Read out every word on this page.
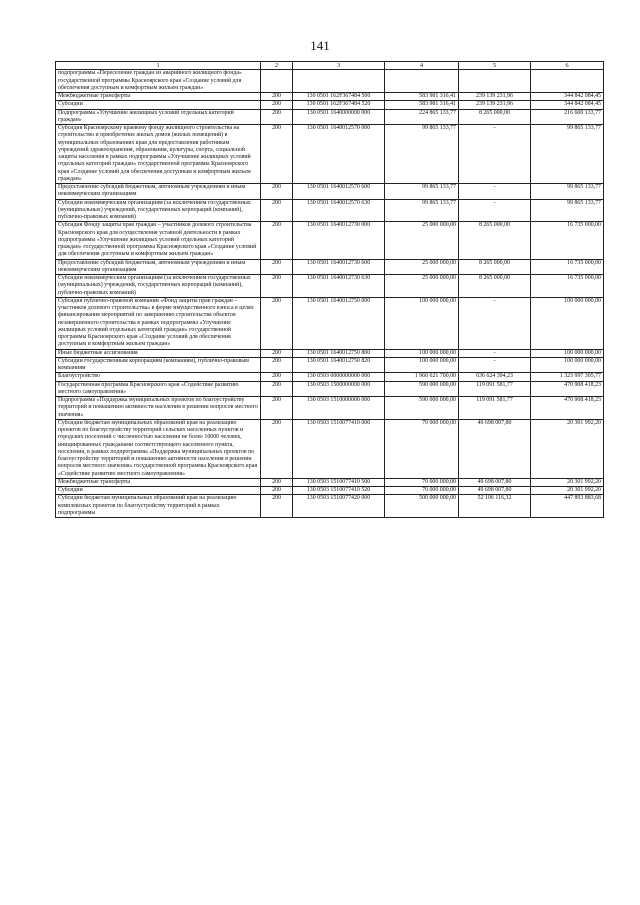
141
1	2	3	4	5	6
подпрограммы «Переселение граждан из аварийного жилищного фонда» государственной программы Красноярского края «Создание условий для обеспечения доступным и комфортным жильем граждан»					
Межбюджетные трансферты	200	130 0501 162F367484 500	583 981 316,41	239 139 231,96	344 842 084,45
Субсидии	200	130 0501 162F367484 520	583 981 316,41	239 139 231,96	344 842 084,45
Подпрограмма «Улучшение жилищных условий отдельных категорий граждан»	200	130 0501 1640000000 000	224 865 133,77	8 265 000,00	216 600 133,77
Субсидия Красноярскому краевому фонду жилищного строительства на строительство и приобретение жилых домов (жилых помещений) в муниципальных образованиях края для предоставления работникам учреждений здравоохранения, образования, культуры, спорта, социальной защиты населения в рамках подпрограммы «Улучшение жилищных условий отдельных категорий граждан» государственной программы Красноярского края «Создание условий для обеспечения доступным и комфортным жильем граждан»	200	130 0501 1640012570 000	99 865 133,77	-	99 865 133,77
Предоставление субсидий бюджетным, автономным учреждениям и иным некоммерческим организациям	200	130 0501 1640012570 600	99 865 133,77	-	99 865 133,77
Субсидии некоммерческим организациям (за исключением государственных (муниципальных) учреждений, государственных корпораций (компаний), публично-правовых компаний)	200	130 0501 1640012570 630	99 865 133,77	-	99 865 133,77
Субсидия Фонду защиты прав граждан – участников долевого строительства Красноярского края для осуществления уставной деятельности в рамках подпрограммы «Улучшение жилищных условий отдельных категорий граждан» государственной программы Красноярского края «Создание условий для обеспечения доступным и комфортным жильем граждан»	200	130 0501 1640012730 000	25 000 000,00	8 265 000,00	16 735 000,00
Предоставление субсидий бюджетным, автономным учреждениям и иным некоммерческим организациям	200	130 0501 1640012730 600	25 000 000,00	8 265 000,00	16 735 000,00
Субсидии некоммерческим организациям (за исключением государственных (муниципальных) учреждений, государственных корпораций (компаний), публично-правовых компаний)	200	130 0501 1640012730 630	25 000 000,00	8 265 000,00	16 735 000,00
Субсидия публично-правовой компании «Фонд защиты прав граждан – участников долевого строительства» в форме имущественного взноса в целях финансирования мероприятий по завершению строительства объектов незавершенного строительства в рамках подпрограммы «Улучшение жилищных условий отдельных категорий граждан» государственной программы Красноярского края «Создание условий для обеспечения доступным и комфортным жильем граждан»	200	130 0501 1640012750 000	100 000 000,00	-	100 000 000,00
Иные бюджетные ассигнования	200	130 0501 1640012750 800	100 000 000,00	-	100 000 000,00
Субсидии государственным корпорациям (компаниям), публично-правовым компаниям	200	130 0501 1640012750 820	100 000 000,00	-	100 000 000,00
Благоустройство	200	130 0503 0000000000 000	1 960 621 700,00	636 624 394,23	1 323 997 305,77
Государственная программа Красноярского края «Содействие развитию местного самоуправления»	200	130 0503 1500000000 000	590 000 000,00	119 091 581,77	470 908 418,23
Подпрограмма «Поддержка муниципальных проектов по благоустройству территорий и повышению активности населения в решении вопросов местного значения»	200	130 0503 1510000000 000	590 000 000,00	119 091 581,77	470 908 418,23
Субсидии бюджетам муниципальных образований края на реализацию проектов по благоустройству территорий сельских населенных пунктов и городских поселений с численностью населения не более 10000 человек, инициированных гражданами соответствующего населенного пункта, поселения, в рамках подпрограммы «Поддержка муниципальных проектов по благоустройству территорий и повышению активности населения в решении вопросов местного значения» государственной программы Красноярского края «Содействие развитию местного самоуправления»	200	130 0503 1510077410 000	70 000 000,00	49 698 007,80	20 301 992,20
Межбюджетные трансферты	200	130 0503 1510077410 500	70 000 000,00	49 698 007,80	20 301 992,20
Субсидии	200	130 0503 1510077410 520	70 000 000,00	49 698 007,80	20 301 992,20
Субсидии бюджетам муниципальных образований края на реализацию комплексных проектов по благоустройству территорий в рамках подпрограммы	200	130 0503 1510077420 000	500 000 000,00	52 106 116,32	447 893 883,68
